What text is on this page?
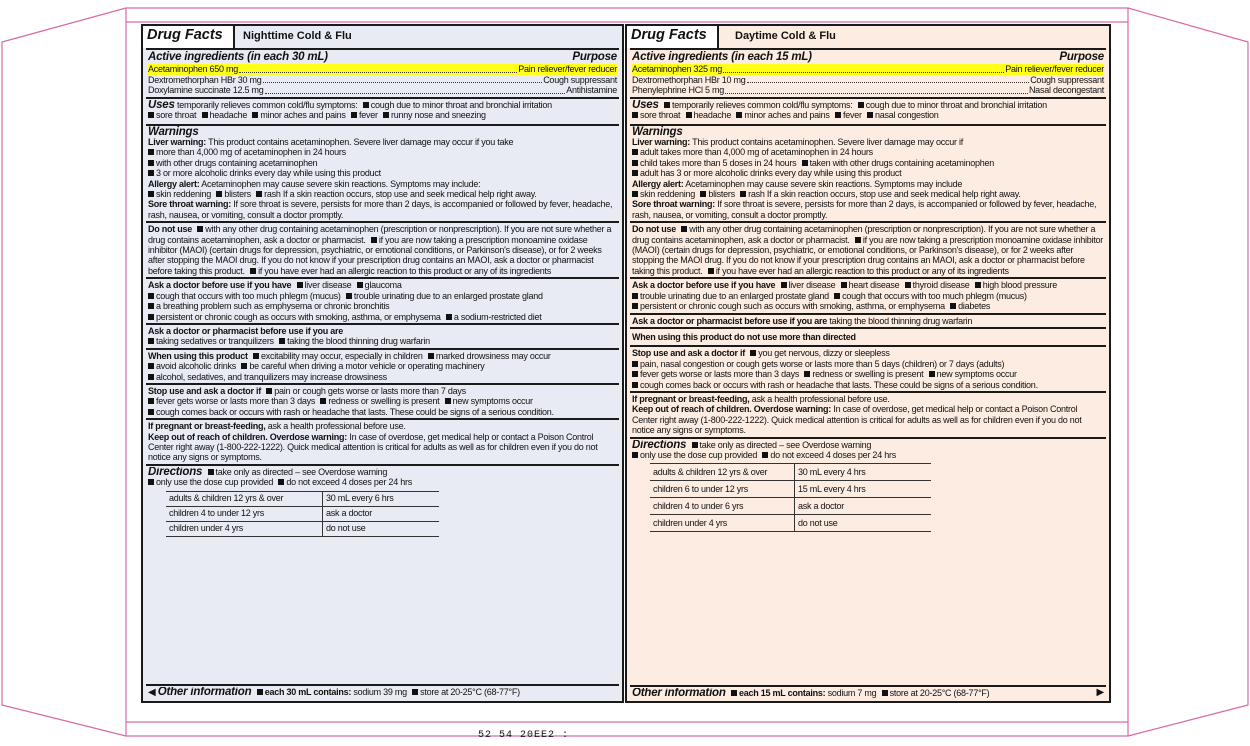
Drug Facts	Nighttime Cold & Flu
Active ingredients (in each 30 mL)	Purpose
Acetaminophen 650 mg	Pain reliever/fever reducer
Dextromethorphan HBr 30 mg	Cough suppressant
Doxylamine succinate 12.5 mg	Antihistamine
Uses temporarily relieves common cold/flu symptoms: cough due to minor throat and bronchial irritation
sore throat headache minor aches and pains fever runny nose and sneezing
Warnings
Liver warning: This product contains acetaminophen. Severe liver damage may occur if you take
more than 4,000 mg of acetaminophen in 24 hours
with other drugs containing acetaminophen
3 or more alcoholic drinks every day while using this product
Allergy alert: Acetaminophen may cause severe skin reactions. Symptoms may include:
skin reddening blisters rash If a skin reaction occurs, stop use and seek medical help right away.
Sore throat warning: If sore throat is severe, persists for more than 2 days, is accompanied or followed by fever, headache, rash, nausea, or vomiting, consult a doctor promptly.
Do not use with any other drug containing acetaminophen (prescription or nonprescription). If you are not sure whether a drug contains acetaminophen, ask a doctor or pharmacist. if you are now taking a prescription monoamine oxidase inhibitor (MAOI) (certain drugs for depression, psychiatric, or emotional conditions, or Parkinson's disease), or for 2 weeks after stopping the MAOI drug. If you do not know if your prescription drug contains an MAOI, ask a doctor or pharmacist before taking this product. if you have ever had an allergic reaction to this product or any of its ingredients
Ask a doctor before use if you have liver disease glaucoma
cough that occurs with too much phlegm (mucus) trouble urinating due to an enlarged prostate gland
a breathing problem such as emphysema or chronic bronchitis
persistent or chronic cough as occurs with smoking, asthma, or emphysema a sodium-restricted diet
Ask a doctor or pharmacist before use if you are
taking sedatives or tranquilizers taking the blood thinning drug warfarin
When using this product excitability may occur, especially in children marked drowsiness may occur
avoid alcoholic drinks be careful when driving a motor vehicle or operating machinery
alcohol, sedatives, and tranquilizers may increase drowsiness
Stop use and ask a doctor if pain or cough gets worse or lasts more than 7 days
fever gets worse or lasts more than 3 days redness or swelling is present new symptoms occur
cough comes back or occurs with rash or headache that lasts. These could be signs of a serious condition.
If pregnant or breast-feeding, ask a health professional before use.
Keep out of reach of children. Overdose warning: In case of overdose, get medical help or contact a Poison Control Center right away (1-800-222-1222). Quick medical attention is critical for adults as well as for children even if you do not notice any signs or symptoms.
Directions take only as directed – see Overdose warning
only use the dose cup provided do not exceed 4 doses per 24 hrs
adults & children 12 yrs & over	30 mL every 6 hrs
children 4 to under 12 yrs	ask a doctor
children under 4 yrs	do not use
◀ Other information each 30 mL contains: sodium 39 mg store at 20-25°C (68-77°F)
Drug Facts	Daytime Cold & Flu
Active ingredients (in each 15 mL)	Purpose
Acetaminophen 325 mg	Pain reliever/fever reducer
Dextromethorphan HBr 10 mg	Cough suppressant
Phenylephrine HCl 5 mg	Nasal decongestant
Uses temporarily relieves common cold/flu symptoms: cough due to minor throat and bronchial irritation
sore throat headache minor aches and pains fever nasal congestion
Warnings
Liver warning: This product contains acetaminophen. Severe liver damage may occur if
adult takes more than 4,000 mg of acetaminophen in 24 hours
child takes more than 5 doses in 24 hours taken with other drugs containing acetaminophen
adult has 3 or more alcoholic drinks every day while using this product
Allergy alert: Acetaminophen may cause severe skin reactions. Symptoms may include
skin reddening blisters rash If a skin reaction occurs, stop use and seek medical help right away.
Sore throat warning: If sore throat is severe, persists for more than 2 days, is accompanied or followed by fever, headache, rash, nausea, or vomiting, consult a doctor promptly.
Do not use with any other drug containing acetaminophen (prescription or nonprescription). If you are not sure whether a drug contains acetaminophen, ask a doctor or pharmacist. if you are now taking a prescription monoamine oxidase inhibitor (MAOI) (certain drugs for depression, psychiatric, or emotional conditions, or Parkinson's disease), or for 2 weeks after stopping the MAOI drug. If you do not know if your prescription drug contains an MAOI, ask a doctor or pharmacist before taking this product. if you have ever had an allergic reaction to this product or any of its ingredients
Ask a doctor before use if you have liver disease heart disease thyroid disease high blood pressure
trouble urinating due to an enlarged prostate gland cough that occurs with too much phlegm (mucus)
persistent or chronic cough such as occurs with smoking, asthma, or emphysema diabetes
Ask a doctor or pharmacist before use if you are taking the blood thinning drug warfarin
When using this product do not use more than directed
Stop use and ask a doctor if you get nervous, dizzy or sleepless
pain, nasal congestion or cough gets worse or lasts more than 5 days (children) or 7 days (adults)
fever gets worse or lasts more than 3 days redness or swelling is present new symptoms occur
cough comes back or occurs with rash or headache that lasts. These could be signs of a serious condition.
If pregnant or breast-feeding, ask a health professional before use.
Keep out of reach of children. Overdose warning: In case of overdose, get medical help or contact a Poison Control Center right away (1-800-222-1222). Quick medical attention is critical for adults as well as for children even if you do not notice any signs or symptoms.
Directions take only as directed – see Overdose warning
only use the dose cup provided do not exceed 4 doses per 24 hrs
adults & children 12 yrs & over	30 mL every 4 hrs
children 6 to under 12 yrs	15 mL every 4 hrs
children 4 to under 6 yrs	ask a doctor
children under 4 yrs	do not use
Other information
each 15 mL contains:
sodium 7 mg
store at 20-25°C (68-77°F)	▶
52 54 20EE2 :
